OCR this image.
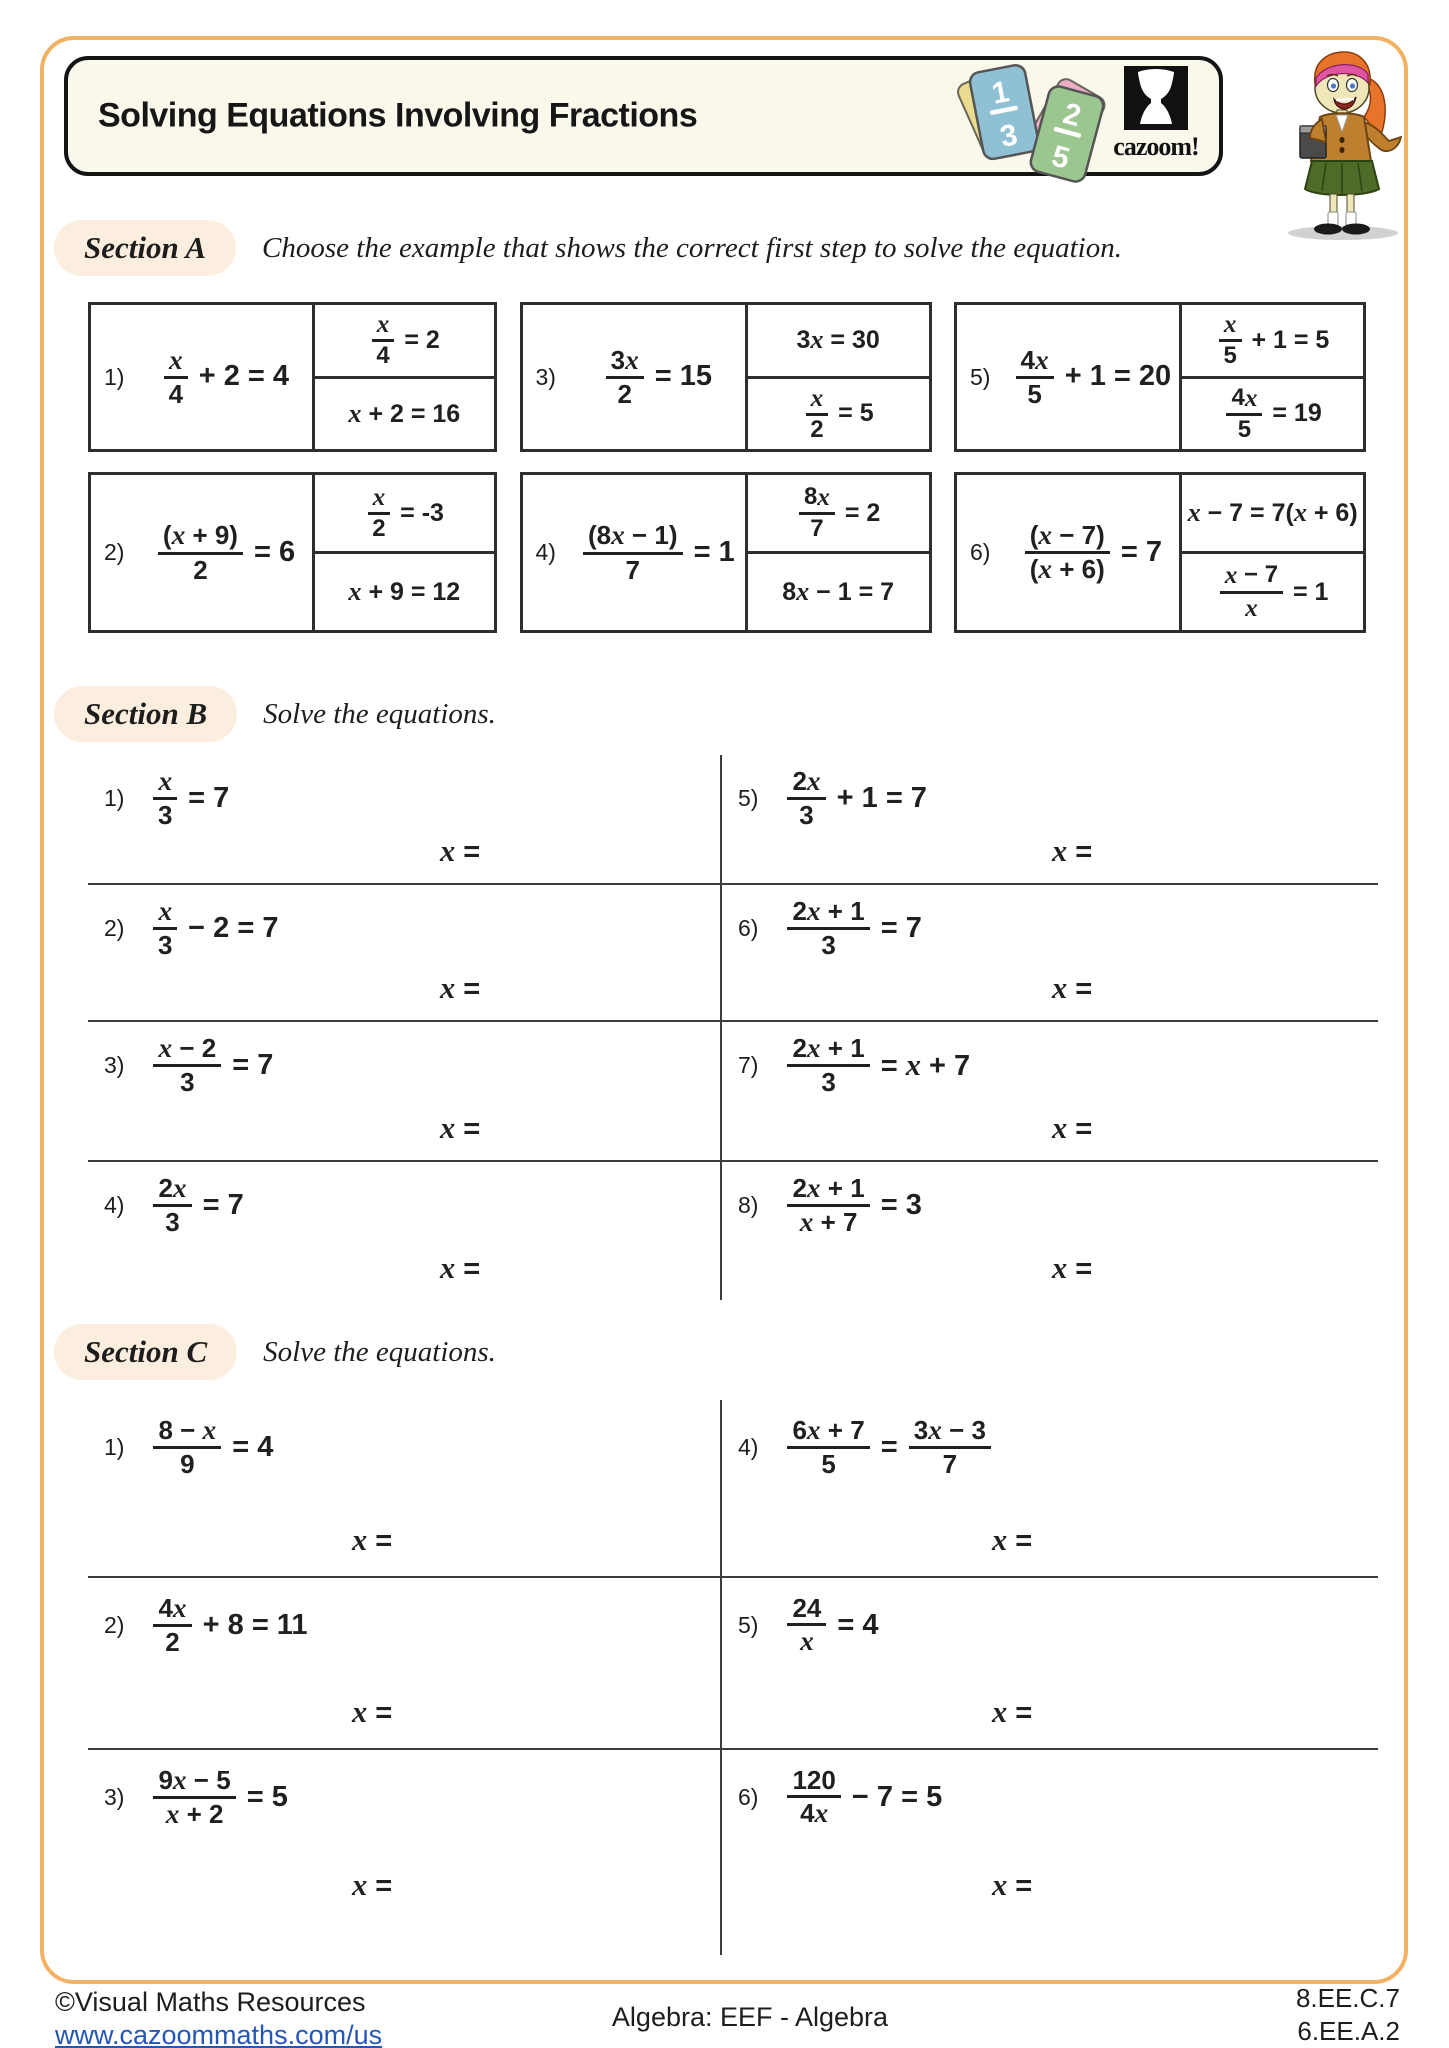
Solving Equations Involving Fractions
1
3
2
5	cazoom!
Section A	Choose the example that shows the correct first step to solve the equation.
$1) \frac{x}{4} + 2 = 4$
$\frac{x}{4} = 2$
x + 2 = 16
$3) \frac{3 x}{2} = 15$
3x = 30
$\frac{x}{2} = 5$
$5) \frac{4 x}{5} + 1 = 20$
$\frac{x}{5} + 1 = 5$
$\frac{4 x}{5} = 19$
$2) \frac{( x + 9)}{2} = 6$
$\frac{x}{2} = -3$
x + 9 = 12
$4) \frac{(8 x - 1)}{7} = 1$
$\frac{8 x}{7} = 2$
8x − 1 = 7
$6) \frac{( x - 7)}{( x + 6)} = 7$
x − 7 = 7(x + 6)
$\frac{x - 7}{x} = 1$
Section B	Solve the equations.
$1) \frac{x}{3} = 7$
x =
$5) \frac{2 x}{3} + 1 = 7$
x =
$2) \frac{x}{3} - 2 = 7$
x =
$6) \frac{2 x + 1}{3} = 7$
x =
$3) \frac{x - 2}{3} = 7$
x =
$7) \frac{2 x + 1}{3} = x + 7$
x =
$4) \frac{2 x}{3} = 7$
x =
$8) \frac{2 x + 1}{x + 7} = 3$
x =
Section C	Solve the equations.
$1) \frac{8 - x}{9} = 4$
x =
$4) \frac{6 x + 7}{5} = \frac{3 x - 3}{7}$
x =
$2) \frac{4 x}{2} + 8 = 11$
x =
$5) \frac{24}{x} = 4$
x =
$3) \frac{9 x - 5}{x + 2} = 5$
x =
$6) \frac{120}{4 x} - 7 = 5$
x =
©Visual Maths Resources
www.cazoommaths.com/us
Algebra: EEF - Algebra
8.EE.C.7
6.EE.A.2
